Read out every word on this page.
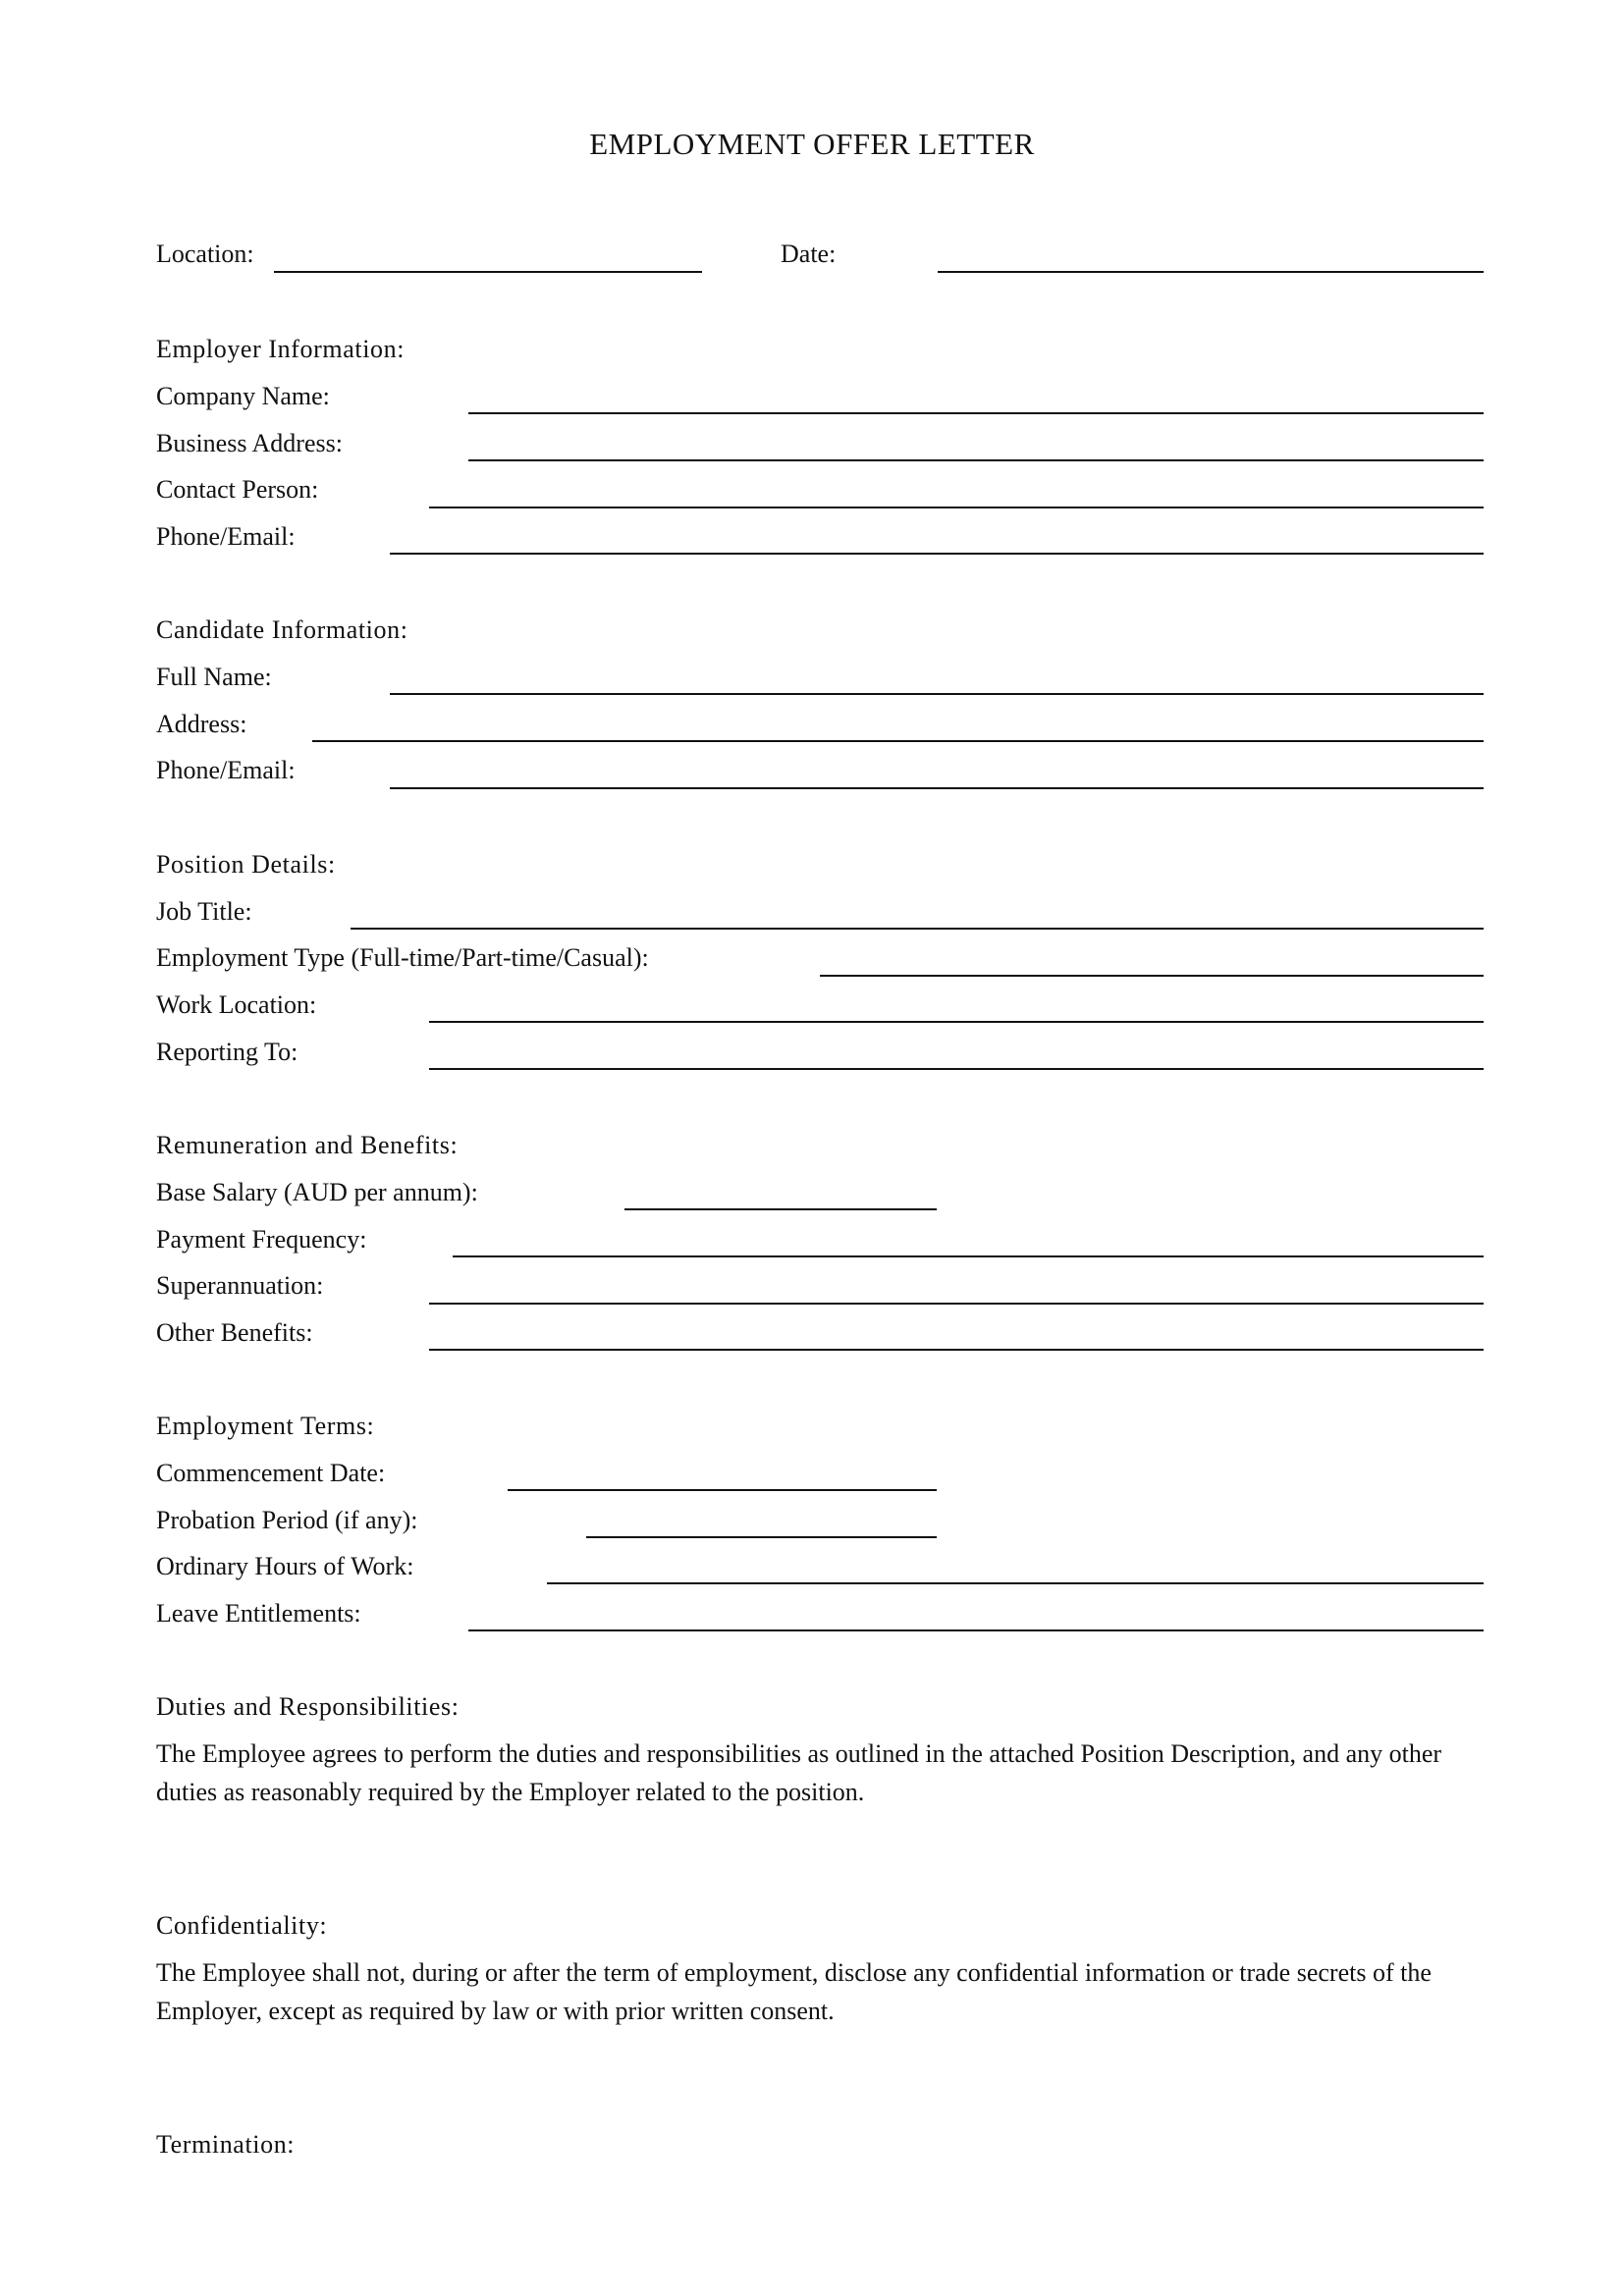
EMPLOYMENT OFFER LETTER
Location:	Date:
Employer Information:
Company Name:
Business Address:
Contact Person:
Phone/Email:
Candidate Information:
Full Name:
Address:
Phone/Email:
Position Details:
Job Title:
Employment Type (Full-time/Part-time/Casual):
Work Location:
Reporting To:
Remuneration and Benefits:
Base Salary (AUD per annum):
Payment Frequency:
Superannuation:
Other Benefits:
Employment Terms:
Commencement Date:
Probation Period (if any):
Ordinary Hours of Work:
Leave Entitlements:
Duties and Responsibilities:
The Employee agrees to perform the duties and responsibilities as outlined in the attached Position Description, and any other duties as reasonably required by the Employer related to the position.
Confidentiality:
The Employee shall not, during or after the term of employment, disclose any confidential information or trade secrets of the Employer, except as required by law or with prior written consent.
Termination:
